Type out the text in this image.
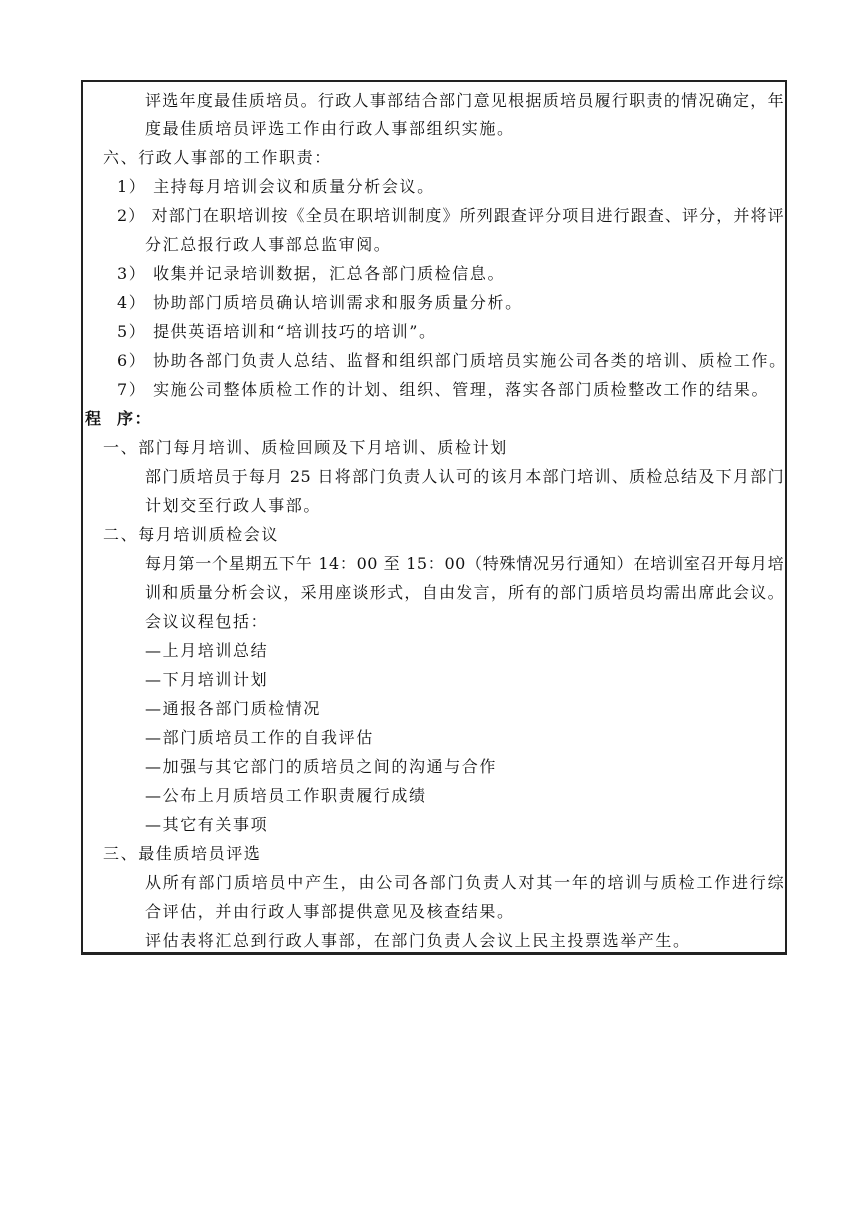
评选年度最佳质培员。行政人事部结合部门意见根据质培员履行职责的情况确定，年
度最佳质培员评选工作由行政人事部组织实施。
六、行政人事部的工作职责：
1） 主持每月培训会议和质量分析会议。
2） 对部门在职培训按《全员在职培训制度》所列跟查评分项目进行跟查、评分，并将评
分汇总报行政人事部总监审阅。
3） 收集并记录培训数据，汇总各部门质检信息。
4） 协助部门质培员确认培训需求和服务质量分析。
5） 提供英语培训和“培训技巧的培训”。
6） 协助各部门负责人总结、监督和组织部门质培员实施公司各类的培训、质检工作。
7） 实施公司整体质检工作的计划、组织、管理，落实各部门质检整改工作的结果。
程  序：
一、部门每月培训、质检回顾及下月培训、质检计划
部门质培员于每月 25 日将部门负责人认可的该月本部门培训、质检总结及下月部门
计划交至行政人事部。
二、每月培训质检会议
每月第一个星期五下午 14：00 至 15：00（特殊情况另行通知）在培训室召开每月培
训和质量分析会议，采用座谈形式，自由发言，所有的部门质培员均需出席此会议。
会议议程包括：
—上月培训总结
—下月培训计划
—通报各部门质检情况
—部门质培员工作的自我评估
—加强与其它部门的质培员之间的沟通与合作
—公布上月质培员工作职责履行成绩
—其它有关事项
三、最佳质培员评选
从所有部门质培员中产生，由公司各部门负责人对其一年的培训与质检工作进行综
合评估，并由行政人事部提供意见及核查结果。
评估表将汇总到行政人事部，在部门负责人会议上民主投票选举产生。
